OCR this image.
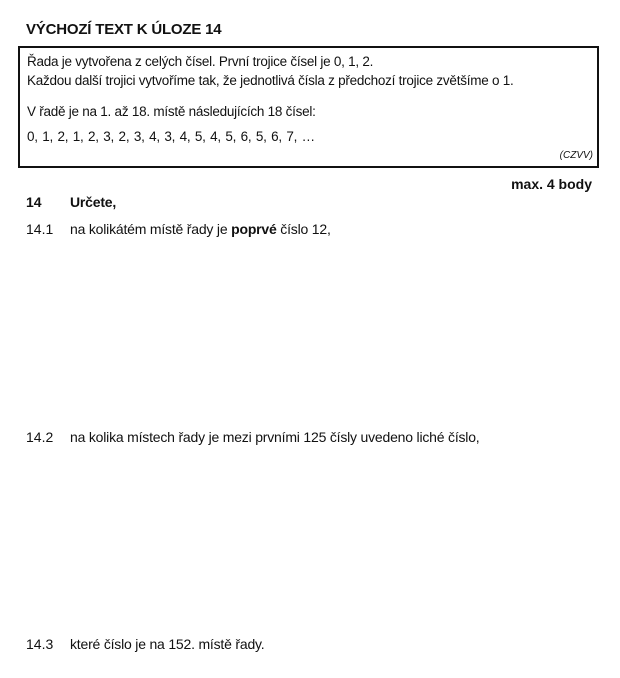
VÝCHOZÍ TEXT K ÚLOZE 14
Řada je vytvořena z celých čísel. První trojice čísel je 0, 1, 2.
Každou další trojici vytvoříme tak, že jednotlivá čísla z předchozí trojice zvětšíme o 1.
V řadě je na 1. až 18. místě následujících 18 čísel:
0, 1, 2, 1, 2, 3, 2, 3, 4, 3, 4, 5, 4, 5, 6, 5, 6, 7, …
(CZVV)
max. 4 body
14 Určete,
14.1 na kolikátém místě řady je poprvé číslo 12,
14.2 na kolika místech řady je mezi prvními 125 čísly uvedeno liché číslo,
14.3 které číslo je na 152. místě řady.
